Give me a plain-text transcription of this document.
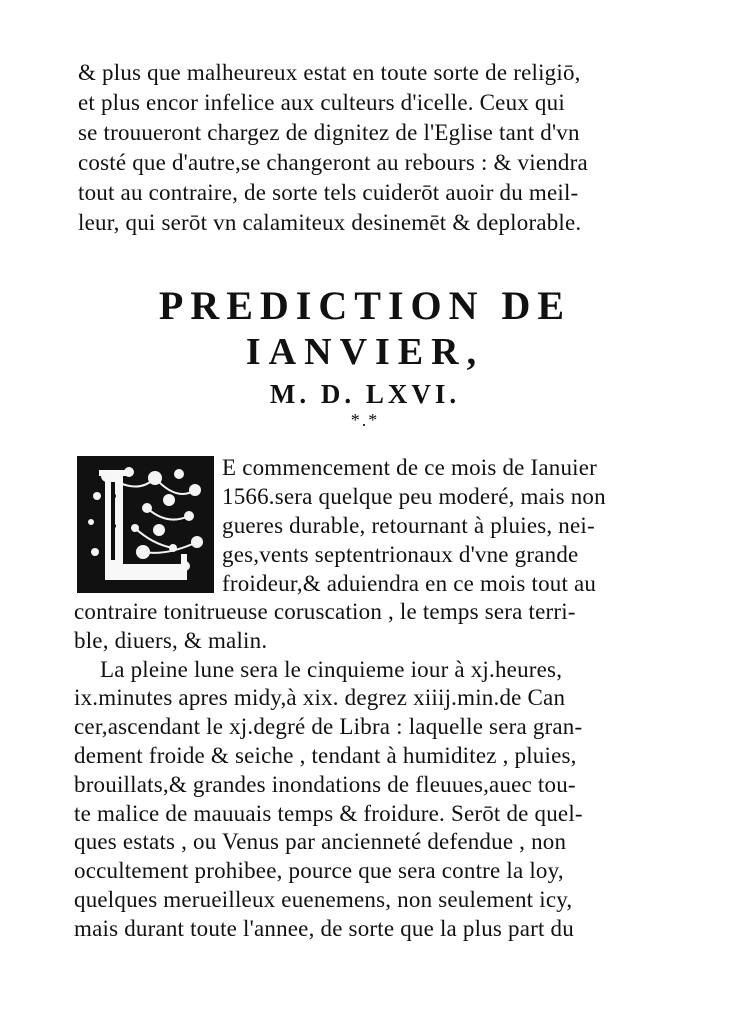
& plus que malheureux estat en toute sorte de religiō,
et plus encor infelice aux culteurs d'icelle. Ceux qui
se trouueront chargez de dignitez de l'Eglise tant d'vn
costé que d'autre,se changeront au rebours : & viendra
tout au contraire, de sorte tels cuiderōt auoir du meil-
leur, qui serōt vn calamiteux desinemēt & deplorable.
PREDICTION DE
IANVIER,
M. D. LXVI.
*.*
E commencement de ce mois de Ianuier
1566.sera quelque peu moderé, mais non
gueres durable, retournant à pluies, nei-
ges,vents septentrionaux d'vne grande
froideur,& aduiendra en ce mois tout au
contraire tonitrueuse coruscation , le temps sera terri-
ble, diuers, & malin.
La pleine lune sera le cinquieme iour à xj.heures,
ix.minutes apres midy,à xix. degrez xiiij.min.de Can
cer,ascendant le xj.degré de Libra : laquelle sera gran-
dement froide & seiche , tendant à humiditez , pluies,
brouillats,& grandes inondations de fleuues,auec tou-
te malice de mauuais temps & froidure. Serōt de quel-
ques estats , ou Venus par ancienneté defendue , non
occultement prohibee, pource que sera contre la loy,
quelques merueilleux euenemens, non seulement icy,
mais durant toute l'annee, de sorte que la plus part du
